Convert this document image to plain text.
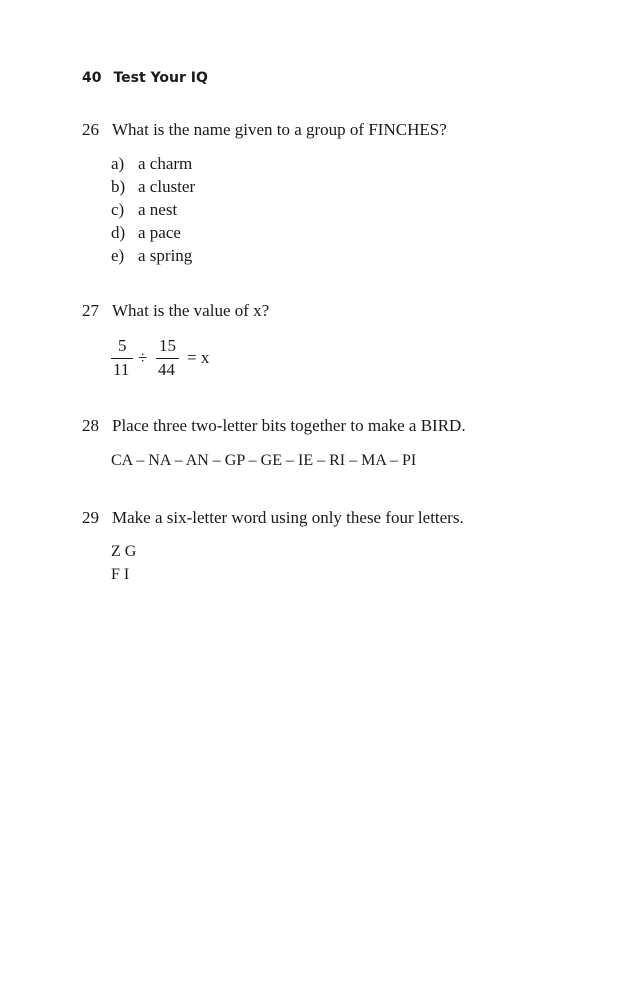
40 Test Your IQ
26 What is the name given to a group of FINCHES?
a) a charm
b) a cluster
c) a nest
d) a pace
e) a spring
27 What is the value of x?
5
11
÷
15
44
= x
28 Place three two-letter bits together to make a BIRD.
CA – NA – AN – GP – GE – IE – RI – MA – PI
29 Make a six-letter word using only these four letters.
Z G
F I
